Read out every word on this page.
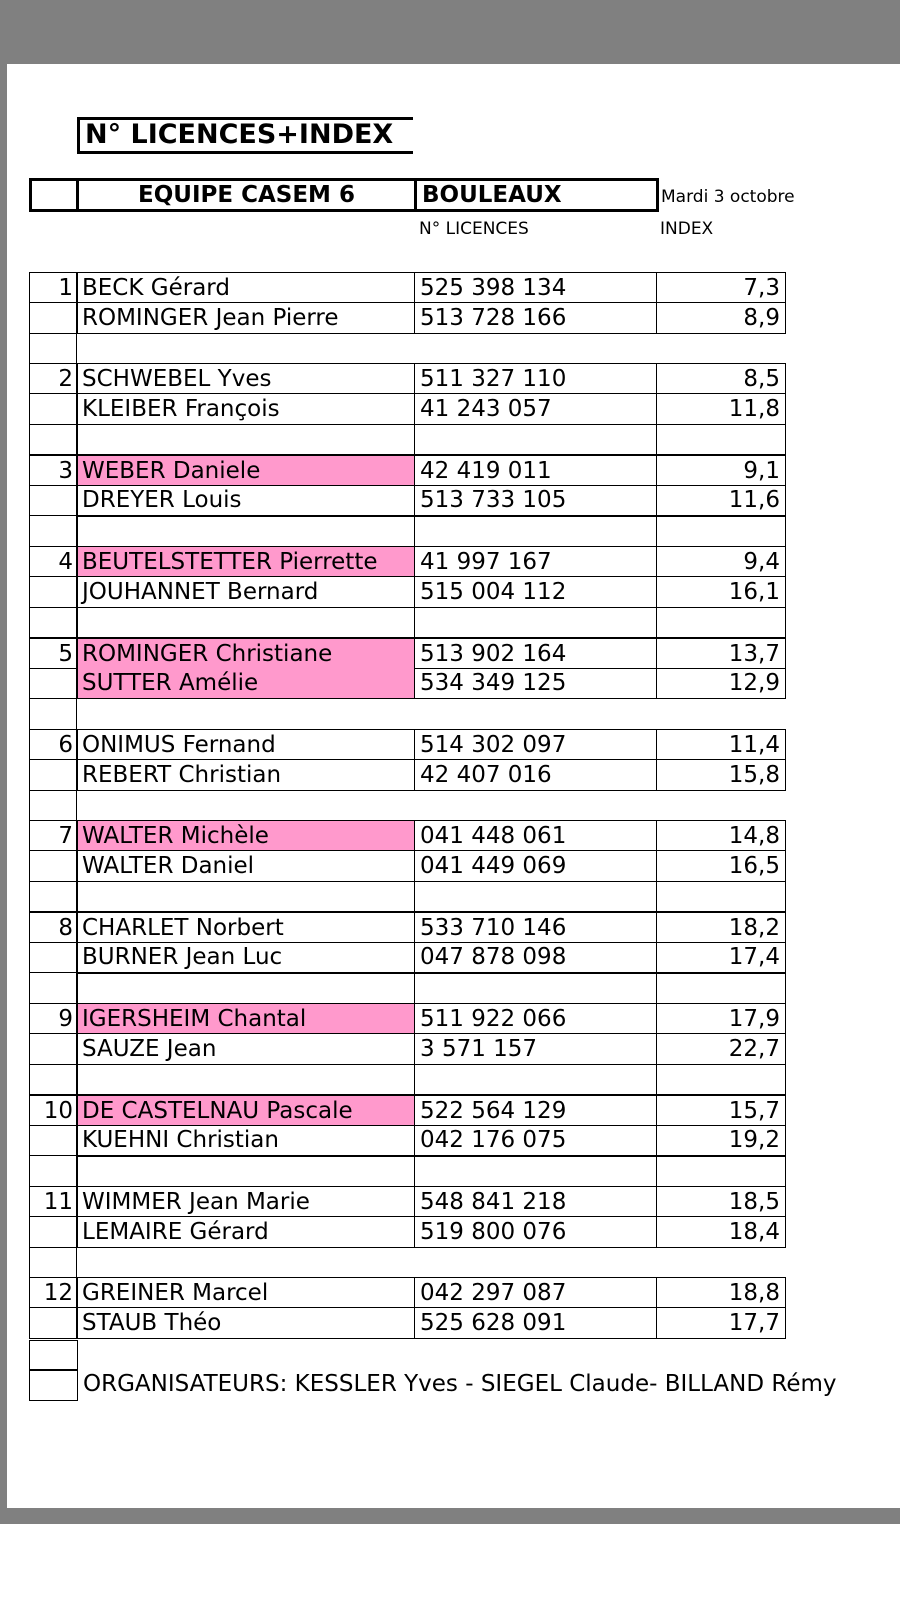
N° LICENCES+INDEX
EQUIPE CASEM 6	BOULEAUX	Mardi 3 octobre
N° LICENCES	INDEX
1 BECK Gérard	525 398 134	7,3
ROMINGER Jean Pierre	513 728 166	8,9
2 SCHWEBEL Yves	511 327 110	8,5
KLEIBER François	41 243 057	11,8
3 WEBER Daniele	42 419 011	9,1
DREYER Louis	513 733 105	11,6
4 BEUTELSTETTER Pierrette	41 997 167	9,4
JOUHANNET Bernard	515 004 112	16,1
5 ROMINGER Christiane	513 902 164	13,7
SUTTER Amélie	534 349 125	12,9
6 ONIMUS Fernand	514 302 097	11,4
REBERT Christian	42 407 016	15,8
7 WALTER Michèle	041 448 061	14,8
WALTER Daniel	041 449 069	16,5
8 CHARLET Norbert	533 710 146	18,2
BURNER Jean Luc	047 878 098	17,4
9 IGERSHEIM Chantal	511 922 066	17,9
SAUZE Jean	3 571 157	22,7
10 DE CASTELNAU Pascale	522 564 129	15,7
KUEHNI Christian	042 176 075	19,2
11 WIMMER Jean Marie	548 841 218	18,5
LEMAIRE Gérard	519 800 076	18,4
12 GREINER Marcel	042 297 087	18,8
STAUB Théo	525 628 091	17,7
ORGANISATEURS: KESSLER Yves - SIEGEL Claude- BILLAND Rémy
